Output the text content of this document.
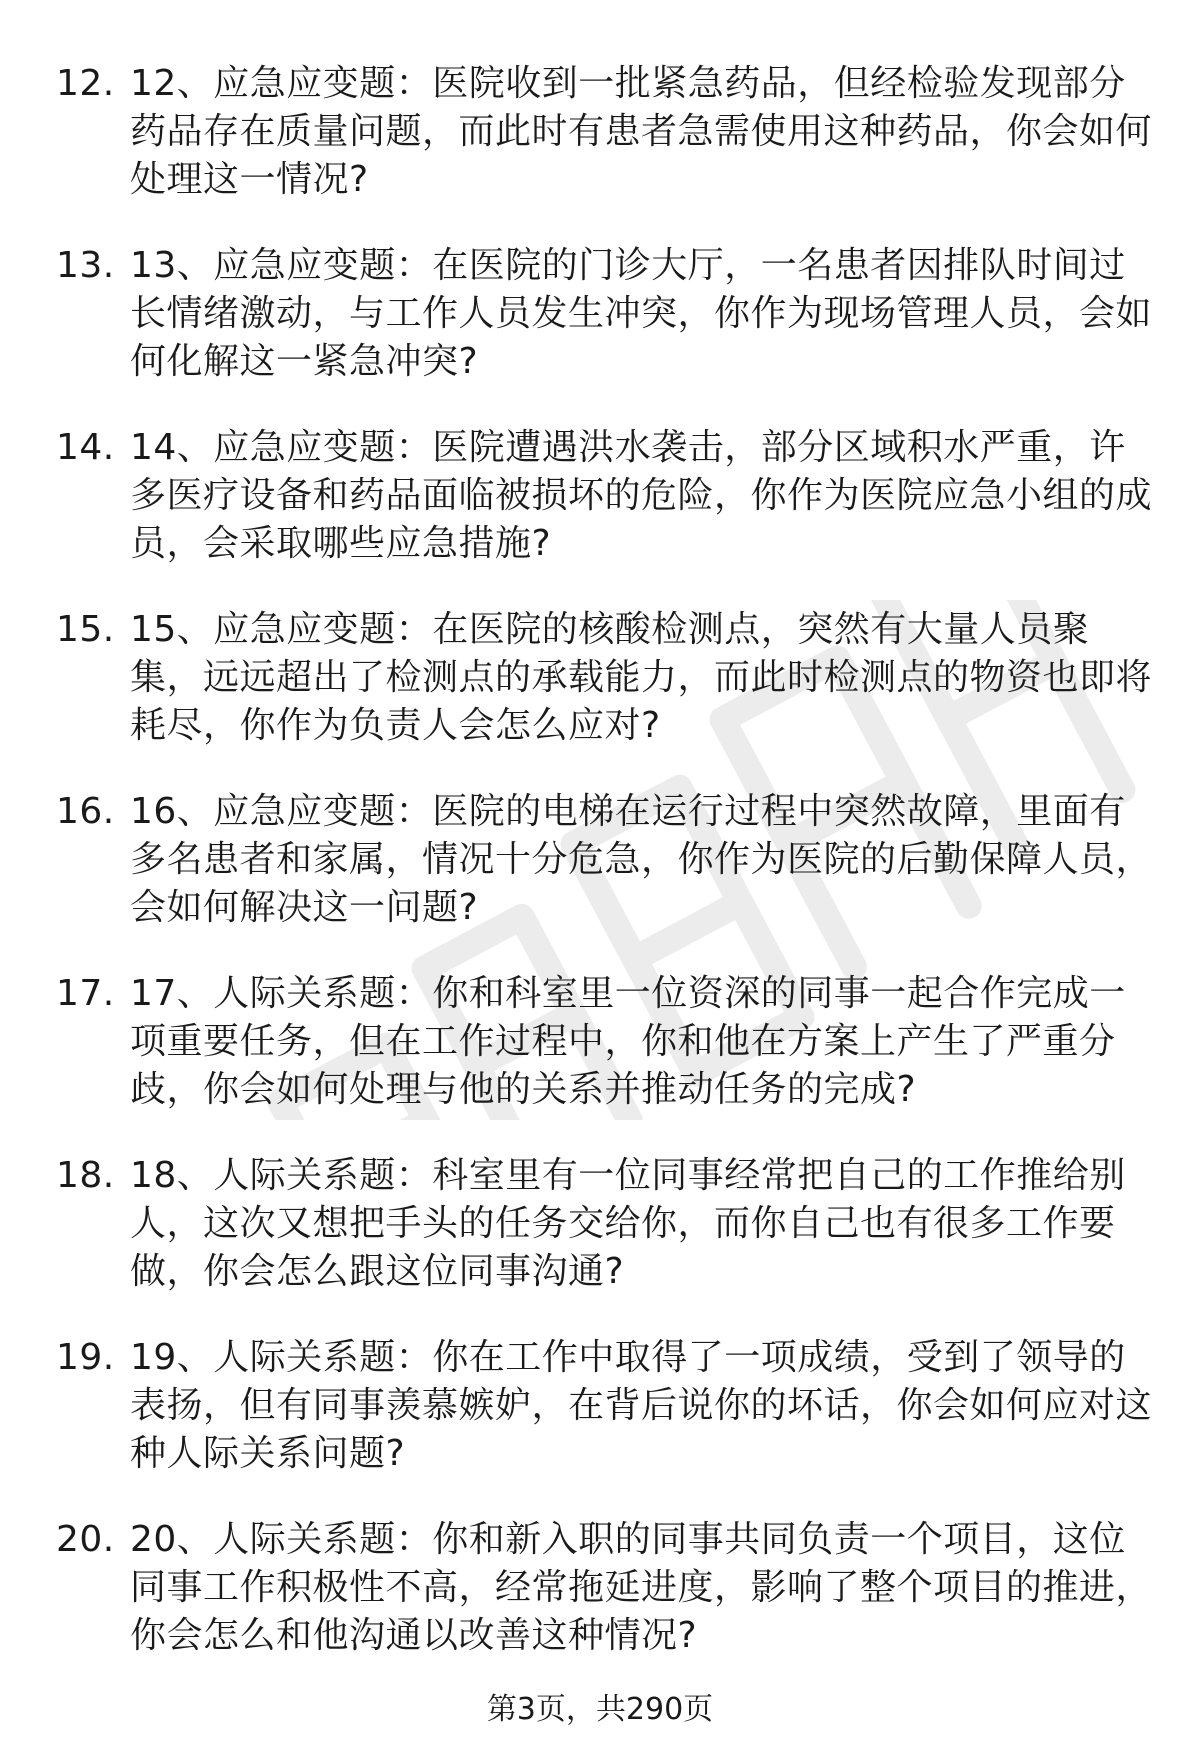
12. 12、应急应变题：医院收到一批紧急药品，但经检验发现部分药品存在质量问题，而此时有患者急需使用这种药品，你会如何处理这一情况?
13. 13、应急应变题：在医院的门诊大厅，一名患者因排队时间过长情绪激动，与工作人员发生冲突，你作为现场管理人员，会如何化解这一紧急冲突?
14. 14、应急应变题：医院遭遇洪水袭击，部分区域积水严重，许多医疗设备和药品面临被损坏的危险，你作为医院应急小组的成员，会采取哪些应急措施?
15. 15、应急应变题：在医院的核酸检测点，突然有大量人员聚集，远远超出了检测点的承载能力，而此时检测点的物资也即将耗尽，你作为负责人会怎么应对?
16. 16、应急应变题：医院的电梯在运行过程中突然故障，里面有多名患者和家属，情况十分危急，你作为医院的后勤保障人员，会如何解决这一问题?
17. 17、人际关系题：你和科室里一位资深的同事一起合作完成一项重要任务，但在工作过程中，你和他在方案上产生了严重分歧，你会如何处理与他的关系并推动任务的完成?
18. 18、人际关系题：科室里有一位同事经常把自己的工作推给别人，这次又想把手头的任务交给你，而你自己也有很多工作要做，你会怎么跟这位同事沟通?
19. 19、人际关系题：你在工作中取得了一项成绩，受到了领导的表扬，但有同事羡慕嫉妒，在背后说你的坏话，你会如何应对这种人际关系问题?
20. 20、人际关系题：你和新入职的同事共同负责一个项目，这位同事工作积极性不高，经常拖延进度，影响了整个项目的推进，你会怎么和他沟通以改善这种情况?
第3页，共290页
